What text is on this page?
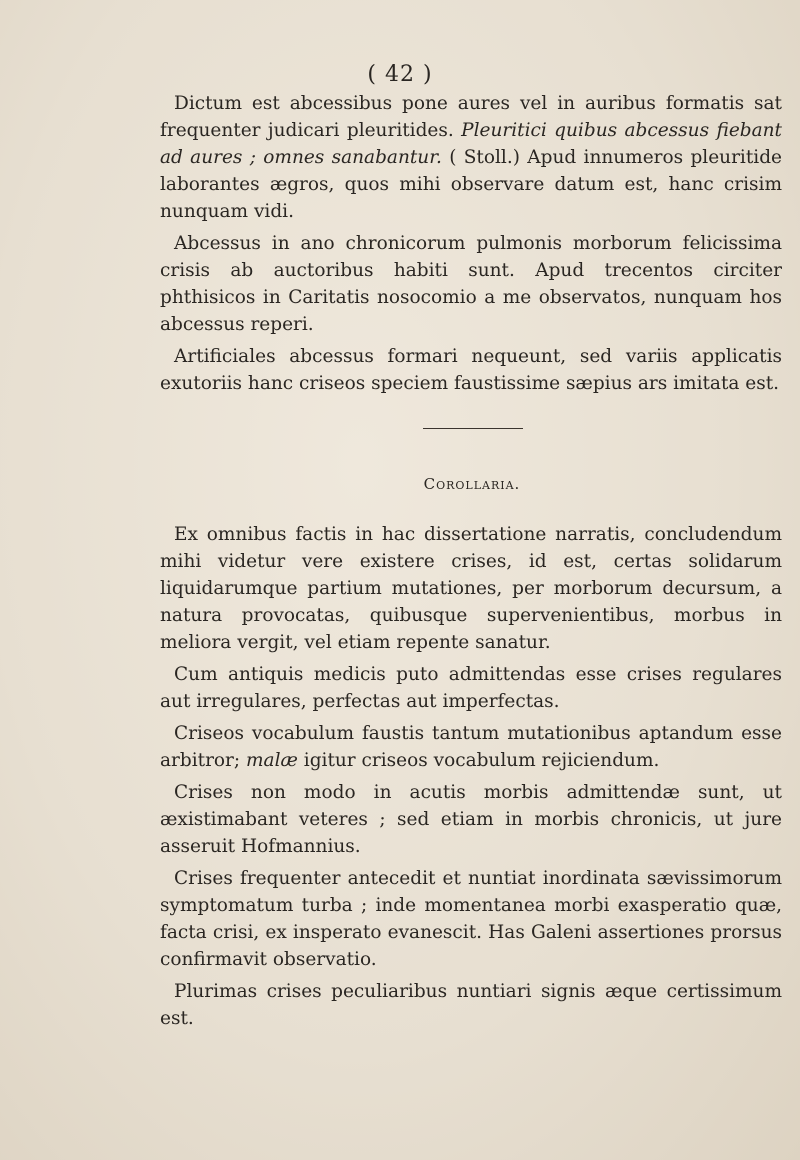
( 42 )

Dictum est abcessibus pone aures vel in auribus formatis sat frequenter judicari pleuritides. Pleuritici quibus abcessus fiebant ad aures ; omnes sanabantur. ( Stoll.) Apud innumeros pleuritide laborantes ægros, quos mihi observare datum est, hanc crisim nunquam vidi.

Abcessus in ano chronicorum pulmonis morborum felicissima crisis ab auctoribus habiti sunt. Apud trecentos circiter phthisicos in Caritatis nosocomio a me observatos, nunquam hos abcessus reperi.

Artificiales abcessus formari nequeunt, sed variis applicatis exutoriis hanc criseos speciem faustissime sæpius ars imitata est.

Corollaria.

Ex omnibus factis in hac dissertatione narratis, concludendum mihi videtur vere existere crises, id est, certas solidarum liquidarumque partium mutationes, per morborum decursum, a natura provocatas, quibusque supervenientibus, morbus in meliora vergit, vel etiam repente sanatur.

Cum antiquis medicis puto admittendas esse crises regulares aut irregulares, perfectas aut imperfectas.

Criseos vocabulum faustis tantum mutationibus aptandum esse arbitror; malæ igitur criseos vocabulum rejiciendum.

Crises non modo in acutis morbis admittendæ sunt, ut æxistimabant veteres ; sed etiam in morbis chronicis, ut jure asseruit Hofmannius.

Crises frequenter antecedit et nuntiat inordinata sævissimorum symptomatum turba ; inde momentanea morbi exasperatio quæ, facta crisi, ex insperato evanescit. Has Galeni assertiones prorsus confirmavit observatio.

Plurimas crises peculiaribus nuntiari signis æque certissimum est.
